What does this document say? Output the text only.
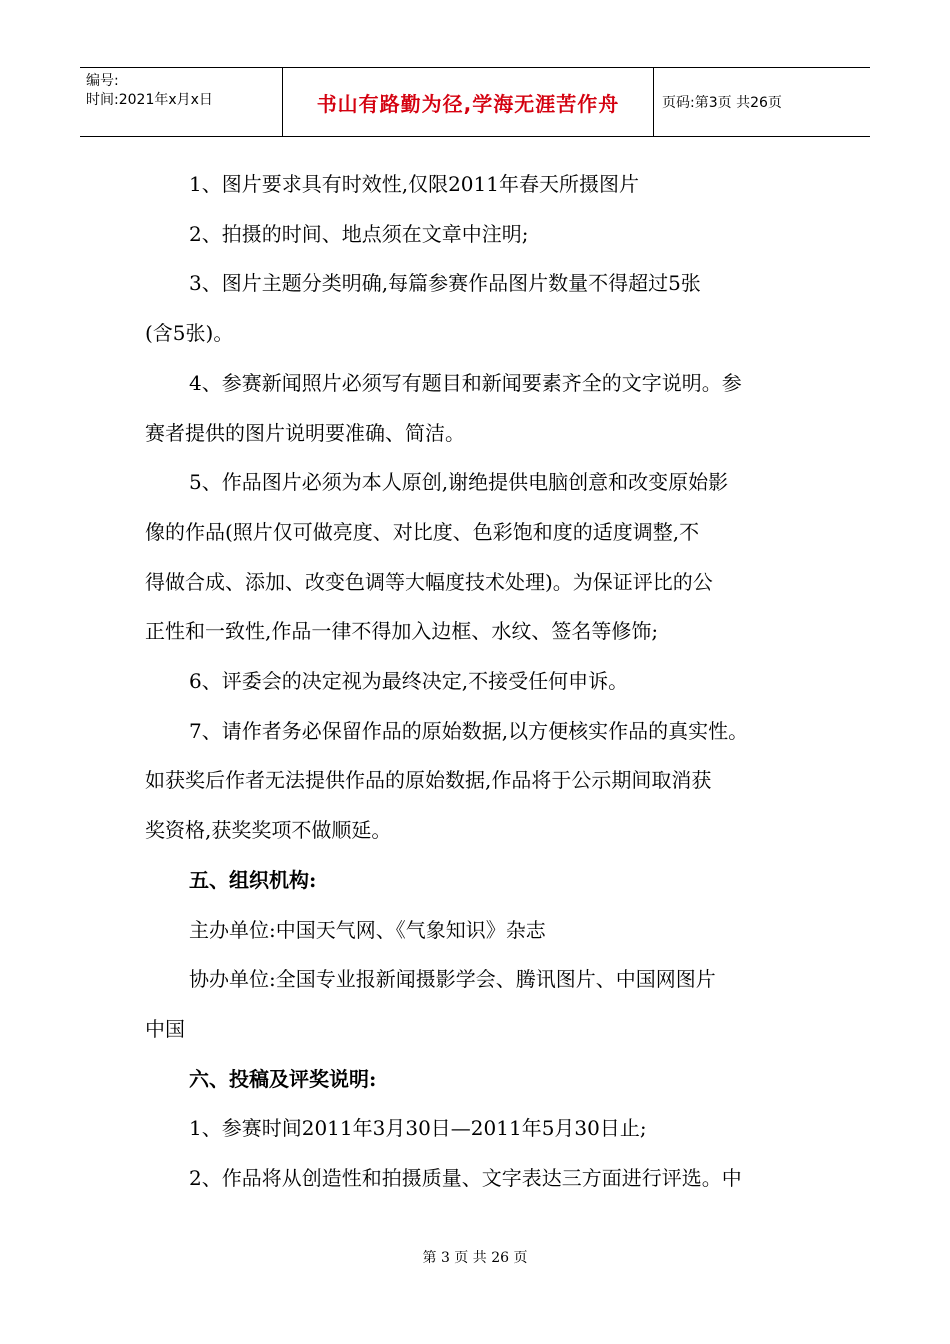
编号:
时间:2021年x月x日	书山有路勤为径,学海无涯苦作舟	页码:第3页 共26页

1、图片要求具有时效性,仅限2011年春天所摄图片

2、拍摄的时间、地点须在文章中注明;

3、图片主题分类明确,每篇参赛作品图片数量不得超过5张

(含5张)。

4、参赛新闻照片必须写有题目和新闻要素齐全的文字说明。参

赛者提供的图片说明要准确、简洁。

5、作品图片必须为本人原创,谢绝提供电脑创意和改变原始影

像的作品(照片仅可做亮度、对比度、色彩饱和度的适度调整,不

得做合成、添加、改变色调等大幅度技术处理)。为保证评比的公

正性和一致性,作品一律不得加入边框、水纹、签名等修饰;

6、评委会的决定视为最终决定,不接受任何申诉。

7、请作者务必保留作品的原始数据,以方便核实作品的真实性。

如获奖后作者无法提供作品的原始数据,作品将于公示期间取消获

奖资格,获奖奖项不做顺延。

五、组织机构:

主办单位:中国天气网、《气象知识》杂志

协办单位:全国专业报新闻摄影学会、腾讯图片、中国网图片

中国

六、投稿及评奖说明:

1、参赛时间2011年3月30日—2011年5月30日止;

2、作品将从创造性和拍摄质量、文字表达三方面进行评选。中

第 3 页 共 26 页
